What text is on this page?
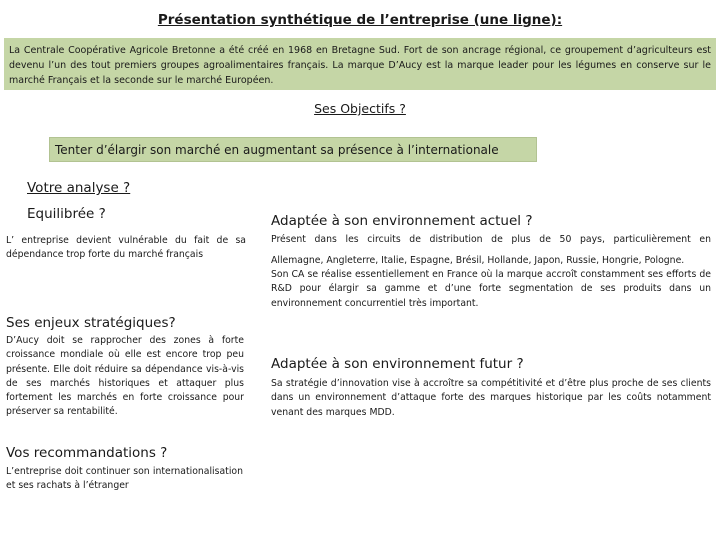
Présentation synthétique de l’entreprise (une ligne):
La Centrale Coopérative Agricole Bretonne a été créé en 1968 en Bretagne Sud. Fort de son ancrage régional, ce groupement d’agriculteurs est devenu l’un des tout premiers groupes agroalimentaires français. La marque D’Aucy est la marque leader pour les légumes en conserve sur le marché Français et la seconde sur le marché Européen.
Ses Objectifs ?
Tenter d’élargir son marché en augmentant sa présence à l’internationale
Votre analyse ?
Equilibrée ?
L’ entreprise devient vulnérable du fait de sa dépendance trop forte du marché français
Ses enjeux stratégiques?
D’Aucy doit se rapprocher des zones à forte croissance mondiale où elle est encore trop peu présente. Elle doit réduire sa dépendance vis-à-vis de ses marchés historiques et attaquer plus fortement les marchés en forte croissance pour préserver sa rentabilité.
Vos recommandations ?
L’entreprise doit continuer son internationalisation et ses rachats à l’étranger
Adaptée à son environnement actuel ?
Présent dans les circuits de distribution de plus de 50 pays, particulièrement en
Allemagne, Angleterre, Italie, Espagne, Brésil, Hollande, Japon, Russie, Hongrie, Pologne.
Son CA se réalise essentiellement en France où la marque accroît constamment ses efforts de R&D pour élargir sa gamme et d’une forte segmentation de ses produits dans un environnement concurrentiel très important.
Adaptée à son environnement futur ?
Sa stratégie d’innovation vise à accroître sa compétitivité et d’être plus proche de ses clients dans un environnement d’attaque forte des marques historique par les coûts notamment venant des marques MDD.
